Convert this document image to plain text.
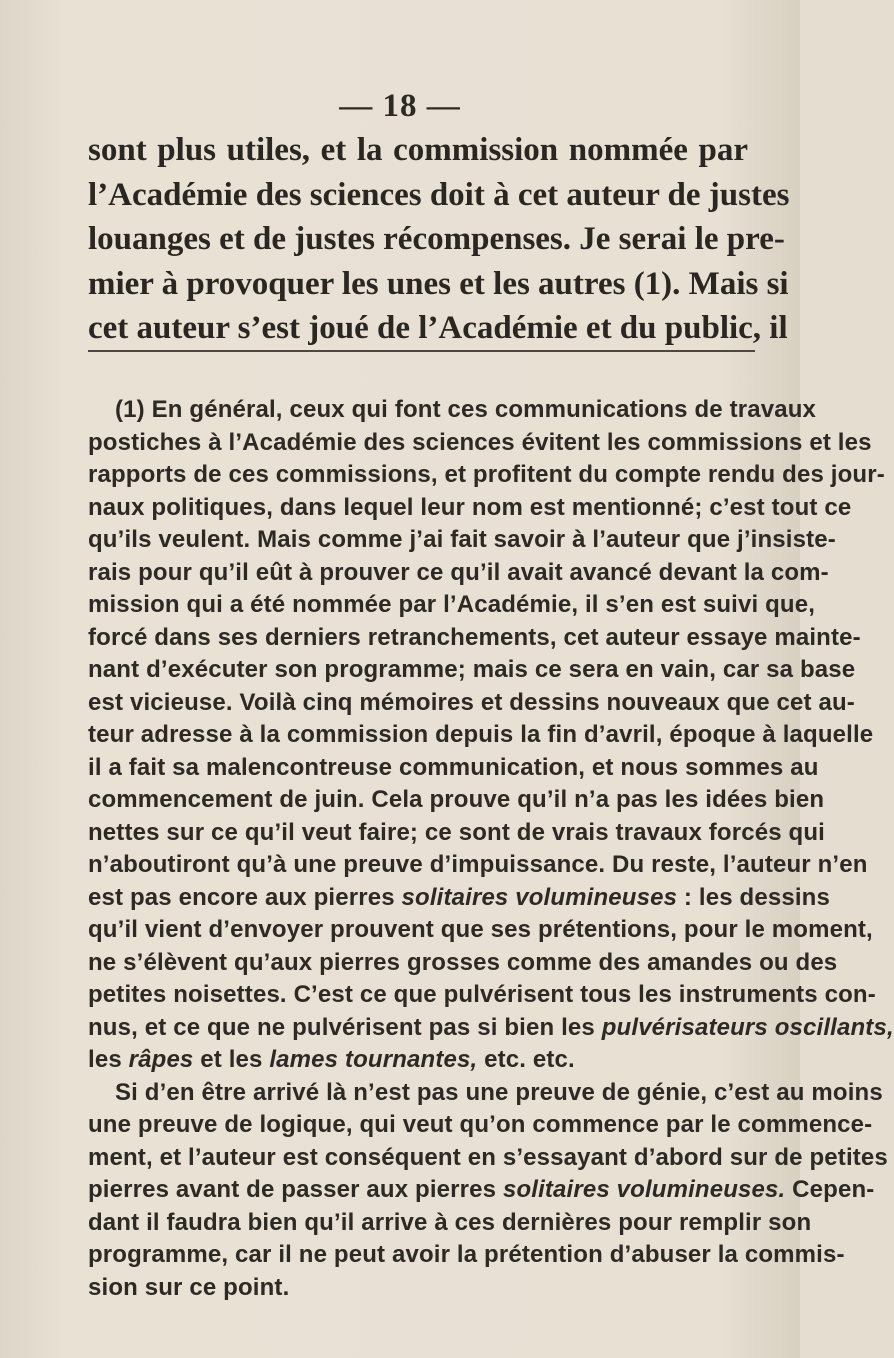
— 18 —
sont plus utiles, et la commission nommée par
l’Académie des sciences doit à cet auteur de justes
louanges et de justes récompenses. Je serai le pre-
mier à provoquer les unes et les autres (1). Mais si
cet auteur s’est joué de l’Académie et du public, il
(1) En général, ceux qui font ces communications de travaux
postiches à l’Académie des sciences évitent les commissions et les
rapports de ces commissions, et profitent du compte rendu des jour-
naux politiques, dans lequel leur nom est mentionné; c’est tout ce
qu’ils veulent. Mais comme j’ai fait savoir à l’auteur que j’insiste-
rais pour qu’il eût à prouver ce qu’il avait avancé devant la com-
mission qui a été nommée par l’Académie, il s’en est suivi que,
forcé dans ses derniers retranchements, cet auteur essaye mainte-
nant d’exécuter son programme; mais ce sera en vain, car sa base
est vicieuse. Voilà cinq mémoires et dessins nouveaux que cet au-
teur adresse à la commission depuis la fin d’avril, époque à laquelle
il a fait sa malencontreuse communication, et nous sommes au
commencement de juin. Cela prouve qu’il n’a pas les idées bien
nettes sur ce qu’il veut faire; ce sont de vrais travaux forcés qui
n’aboutiront qu’à une preuve d’impuissance. Du reste, l’auteur n’en
est pas encore aux pierres solitaires volumineuses : les dessins
qu’il vient d’envoyer prouvent que ses prétentions, pour le moment,
ne s’élèvent qu’aux pierres grosses comme des amandes ou des
petites noisettes. C’est ce que pulvérisent tous les instruments con-
nus, et ce que ne pulvérisent pas si bien les pulvérisateurs oscillants,
les râpes et les lames tournantes, etc. etc.
Si d’en être arrivé là n’est pas une preuve de génie, c’est au moins
une preuve de logique, qui veut qu’on commence par le commence-
ment, et l’auteur est conséquent en s’essayant d’abord sur de petites
pierres avant de passer aux pierres solitaires volumineuses. Cepen-
dant il faudra bien qu’il arrive à ces dernières pour remplir son
programme, car il ne peut avoir la prétention d’abuser la commis-
sion sur ce point.
